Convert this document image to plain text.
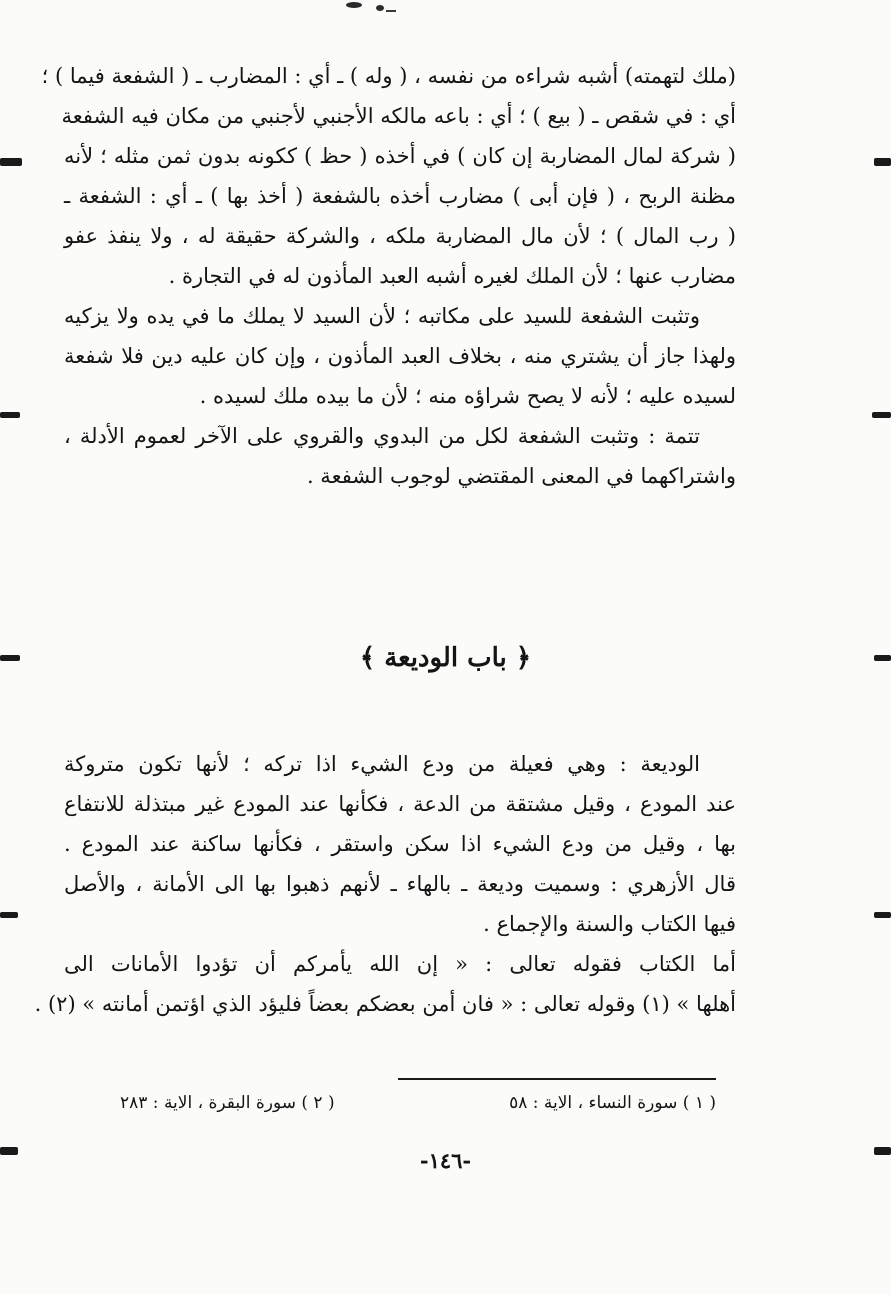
(ملك لتهمته) أشبه شراءه من نفسه ، ( وله ) ـ أي : المضارب ـ ( الشفعة فيما ) ؛
أي : في شقص ـ ( بيع ) ؛ أي : باعه مالكه الأجنبي لأجنبي من مكان فيه الشفعة
( شركة لمال المضاربة إن كان ) في أخذه ( حظ ) ككونه بدون ثمن مثله ؛ لأنه
مظنة الربح ، ( فإن أبى ) مضارب أخذه بالشفعة ( أخذ بها ) ـ أي : الشفعة ـ
( رب المال ) ؛ لأن مال المضاربة ملكه ، والشركة حقيقة له ، ولا ينفذ عفو
مضارب عنها ؛ لأن الملك لغيره أشبه العبد المأذون له في التجارة .
وتثبت الشفعة للسيد على مكاتبه ؛ لأن السيد لا يملك ما في يده ولا يزكيه
ولهذا جاز أن يشتري منه ، بخلاف العبد المأذون ، وإن كان عليه دين فلا شفعة
لسيده عليه ؛ لأنه لا يصح شراؤه منه ؛ لأن ما بيده ملك لسيده .
تتمة : وتثبت الشفعة لكل من البدوي والقروي على الآخر لعموم الأدلة ،
واشتراكهما في المعنى المقتضي لوجوب الشفعة .
﴿ باب الوديعة ﴾
الوديعة : وهي فعيلة من ودع الشيء اذا تركه ؛ لأنها تكون متروكة
عند المودع ، وقيل مشتقة من الدعة ، فكأنها عند المودع غير مبتذلة للانتفاع
بها ، وقيل من ودع الشيء اذا سكن واستقر ، فكأنها ساكنة عند المودع .
قال الأزهري : وسميت وديعة ـ بالهاء ـ لأنهم ذهبوا بها الى الأمانة ، والأصل
فيها الكتاب والسنة والإجماع .
أما الكتاب فقوله تعالى : « إن الله يأمركم أن تؤدوا الأمانات الى
أهلها » (١) وقوله تعالى : « فان أمن بعضكم بعضاً فليؤد الذي اؤتمن أمانته » (٢) .
( ١ ) سورة النساء ، الاية : ٥٨
( ٢ ) سورة البقرة ، الاية : ٢٨٣
-١٤٦-
